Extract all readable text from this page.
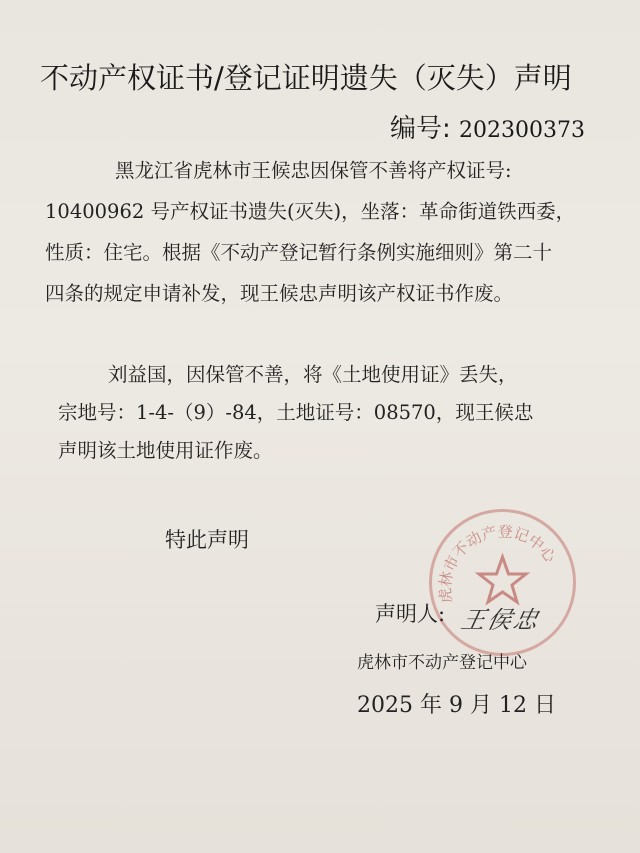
不动产权证书/登记证明遗失（灭失）声明
编号: 202300373
黑龙江省虎林市王候忠因保管不善将产权证号:
10400962 号产权证书遗失(灭失)，坐落：革命街道铁西委，
性质：住宅。根据《不动产登记暂行条例实施细则》第二十
四条的规定申请补发，现王候忠声明该产权证书作废。
刘益国，因保管不善，将《土地使用证》丢失，
宗地号：1-4-（9）-84，土地证号：08570，现王候忠
声明该土地使用证作废。
特此声明
虎林市不动产登记中心
声明人: 王侯忠
虎林市不动产登记中心
2025 年 9 月 12 日
